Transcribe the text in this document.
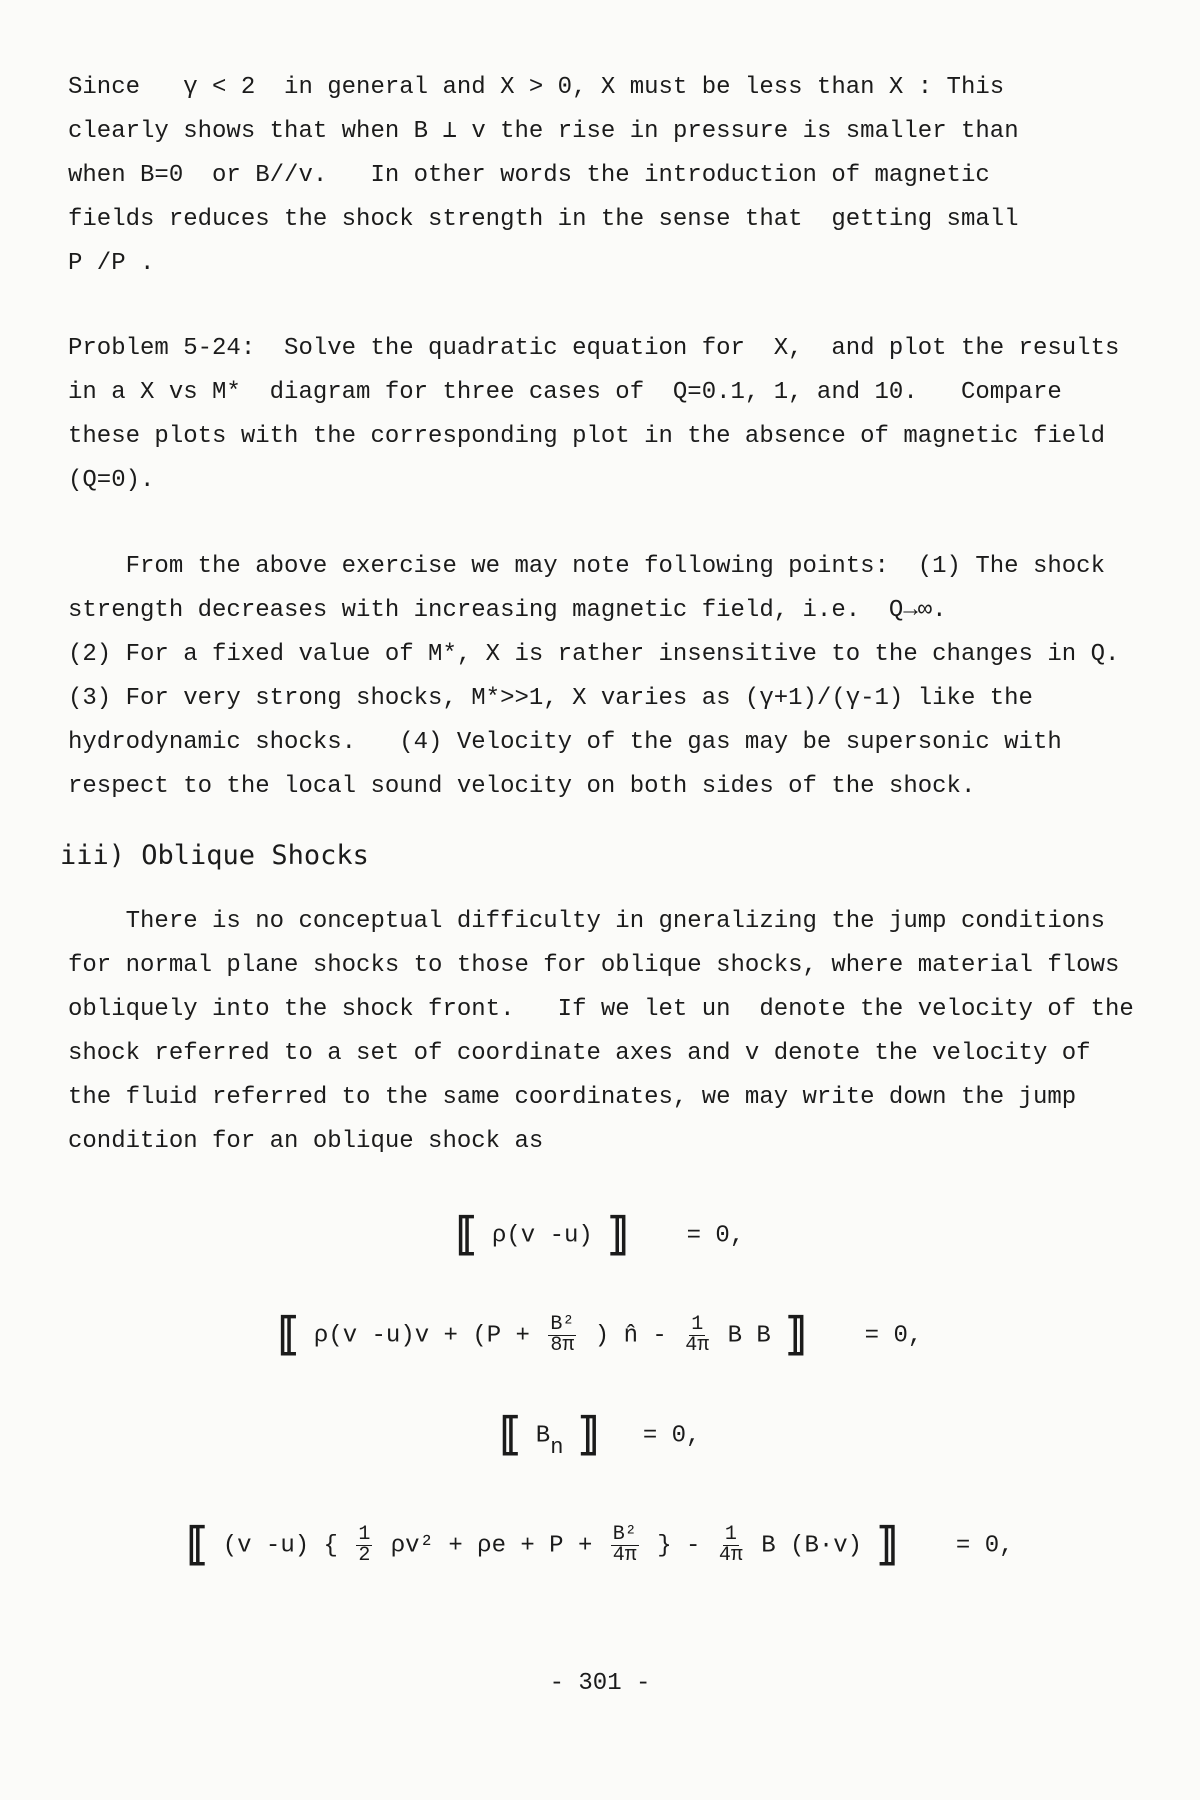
Since   γ < 2  in general and X > 0, X must be less than X : This
clearly shows that when B ⊥ v the rise in pressure is smaller than
when B=0  or B//v.   In other words the introduction of magnetic
fields reduces the shock strength in the sense that  getting small
P /P .
Problem 5-24:  Solve the quadratic equation for  X,  and plot the results
in a X vs M*  diagram for three cases of  Q=0.1, 1, and 10.   Compare
these plots with the corresponding plot in the absence of magnetic field
(Q=0).
From the above exercise we may note following points:  (1) The shock
strength decreases with increasing magnetic field, i.e.  Q→∞.
(2) For a fixed value of M*, X is rather insensitive to the changes in Q.
(3) For very strong shocks, M*>>1, X varies as (γ+1)/(γ-1) like the
hydrodynamic shocks.   (4) Velocity of the gas may be supersonic with
respect to the local sound velocity on both sides of the shock.
iii) Oblique Shocks
There is no conceptual difficulty in gneralizing the jump conditions
for normal plane shocks to those for oblique shocks, where material flows
obliquely into the shock front.   If we let un  denote the velocity of the
shock referred to a set of coordinate axes and v denote the velocity of
the fluid referred to the same coordinates, we may write down the jump
condition for an oblique shock as
⟦ ρ(v -u) ⟧ = 0,
⟦ ρ(v $-u)v + (P + \frac{\text{B²}}{8\pi}$ ) n̂ - $\frac{1}{4\pi}$ B B ⟧ = 0,
⟦ Bn ⟧ = 0,
⟦ (v -u) { $\frac{1}{2} \rho v^2 + \rho e + P + \frac{\text{B²}}{4\pi}$ } - $\frac{1}{4\pi}$ B (B·v) ⟧ = 0,
- 301 -
